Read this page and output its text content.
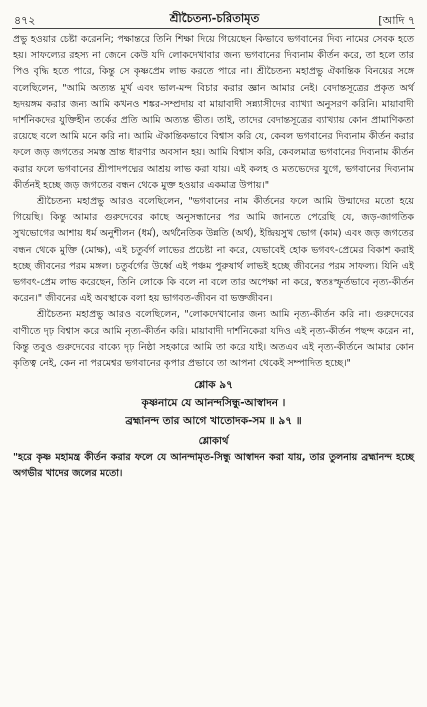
৪৭২	শ্রীচৈতন্য-চরিতামৃত	[আদি ৭

প্রভু হওয়ার চেষ্টা করেননি; পক্ষান্তরে তিনি শিক্ষা দিয়ে গিয়েছেন কিভাবে ভগবানের দিব্য নামের সেবক হতে হয়। সাফল্যের রহস্য না জেনে কেউ যদি লোকদেখাবার জন্য ভগবানের দিব্যনাম কীর্তন করে, তা হলে তার পিও বৃদ্ধি হতে পারে, কিন্তু সে কৃষ্ণপ্রেম লাভ করতে পারে না। শ্রীচৈতন্য মহাপ্রভু ঐকান্তিক বিনয়ের সঙ্গে বলেছিলেন, "আমি অত্যন্ত মূর্খ এবং ভাল-মন্দ বিচার করার জ্ঞান আমার নেই। বেদান্তসূত্রের প্রকৃত অর্থ হৃদয়ঙ্গম করার জন্য আমি কখনও শঙ্কর-সম্প্রদায় বা মায়াবাদী সন্ন্যাসীদের ব্যাখ্যা অনুসরণ করিনি। মায়াবাদী দার্শনিকদের যুক্তিহীন তর্কের প্রতি আমি অত্যন্ত ভীত। তাই, তাদের বেদান্তসূত্রের ব্যাখ্যায় কোন প্রামাণিকতা রয়েছে বলে আমি মনে করি না। আমি ঐকান্তিকভাবে বিশ্বাস করি যে, কেবল ভগবানের দিব্যনাম কীর্তন করার ফলে জড় জগতের সমস্ত ভ্রান্ত ধারণার অবসান হয়। আমি বিশ্বাস করি, কেবলমাত্র ভগবানের দিব্যনাম কীর্তন করার ফলে ভগবানের শ্রীপাদপদ্মের আশ্রয় লাভ করা যায়। এই কলহ ও মতভেদের যুগে, ভগবানের দিব্যনাম কীর্তনই হচ্ছে জড় জগতের বন্ধন থেকে মুক্ত হওয়ার একমাত্র উপায়।"

শ্রীচৈতন্য মহাপ্রভু আরও বলেছিলেন, "ভগবানের নাম কীর্তনের ফলে আমি উন্মাদের মতো হয়ে গিয়েছি। কিন্তু আমার গুরুদেবের কাছে অনুসন্ধানের পর আমি জানতে পেরেছি যে, জড়-জাগতিক সুখভোগের আশায় ধর্ম অনুশীলন (ধর্ম), অর্থনৈতিক উন্নতি (অর্থ), ইন্দ্রিয়সুখ ভোগ (কাম) এবং জড় জগতের বন্ধন থেকে মুক্তি (মোক্ষ), এই চতুর্বর্গ লাভের প্রচেষ্টা না করে, যেভাবেই হোক ভগবৎ-প্রেমের বিকাশ করাই হচ্ছে জীবনের পরম মঙ্গল। চতুর্বর্গের উর্ধ্বে এই পঞ্চম পুরুষার্থ লাভই হচ্ছে জীবনের পরম সাফল্য। যিনি এই ভগবৎ-প্রেম লাভ করেছেন, তিনি লোকে কি বলে না বলে তার অপেক্ষা না করে, স্বতঃস্ফূর্তভাবে নৃত্য-কীর্তন করেন।" জীবনের এই অবস্থাকে বলা হয় ভাগবত-জীবন বা ভক্তজীবন।

শ্রীচৈতন্য মহাপ্রভু আরও বলেছিলেন, "লোকদেখানোর জন্য আমি নৃত্য-কীর্তন করি না। গুরুদেবের বাণীতে দৃঢ় বিশ্বাস করে আমি নৃত্য-কীর্তন করি। মায়াবাদী দার্শনিকেরা যদিও এই নৃত্য-কীর্তন পছন্দ করেন না, কিন্তু তবুও গুরুদেবের বাক্যে দৃঢ় নিষ্ঠা সহকারে আমি তা করে যাই। অতএব এই নৃত্য-কীর্তনে আমার কোন কৃতিত্ব নেই, কেন না পরমেশ্বর ভগবানের কৃপার প্রভাবে তা আপনা থেকেই সম্পাদিত হচ্ছে।"

শ্লোক ৯৭
কৃষ্ণনামে যে আনন্দসিন্ধু-আস্বাদন ।
ব্রহ্মানন্দ তার আগে খাতোদক-সম ॥ ৯৭ ॥
শ্লোকার্থ

"হরে কৃষ্ণ মহামন্ত্র কীর্তন করার ফলে যে আনন্দামৃত-সিন্ধু আস্বাদন করা যায়, তার তুলনায় ব্রহ্মানন্দ হচ্ছে অগভীর খাদের জলের মতো।
